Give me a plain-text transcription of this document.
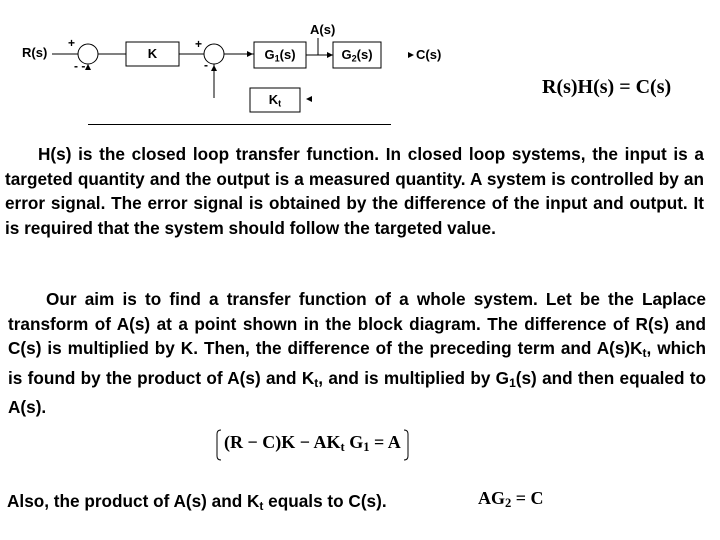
R(s)	C(s)
A(s)
+
- -
+
-
K	$G_1(s)$	$G_2(s)$
$K_t$
R(s)H(s) = C(s)
H(s) is the closed loop transfer function. In closed loop systems, the input is a targeted quantity and the output is a measured quantity. A system is controlled by an error signal. The error signal is obtained by the difference of the input and output. It is required that the system should follow the targeted value.
Our aim is to find a transfer function of a whole system. Let be the Laplace transform of A(s) at a point shown in the block diagram. The difference of R(s) and C(s) is multiplied by K. Then, the difference of the preceding term and $A(s)K_t$, which is found by the product of A(s) and $K_t$, and is multiplied by $G_1(s)$ and then equaled to A(s).
$(R - C)K - AK_t$ $G_1 = A$
Also, the product of A(s) and $K_t$ equals to C(s).	$AG_2 = C$
